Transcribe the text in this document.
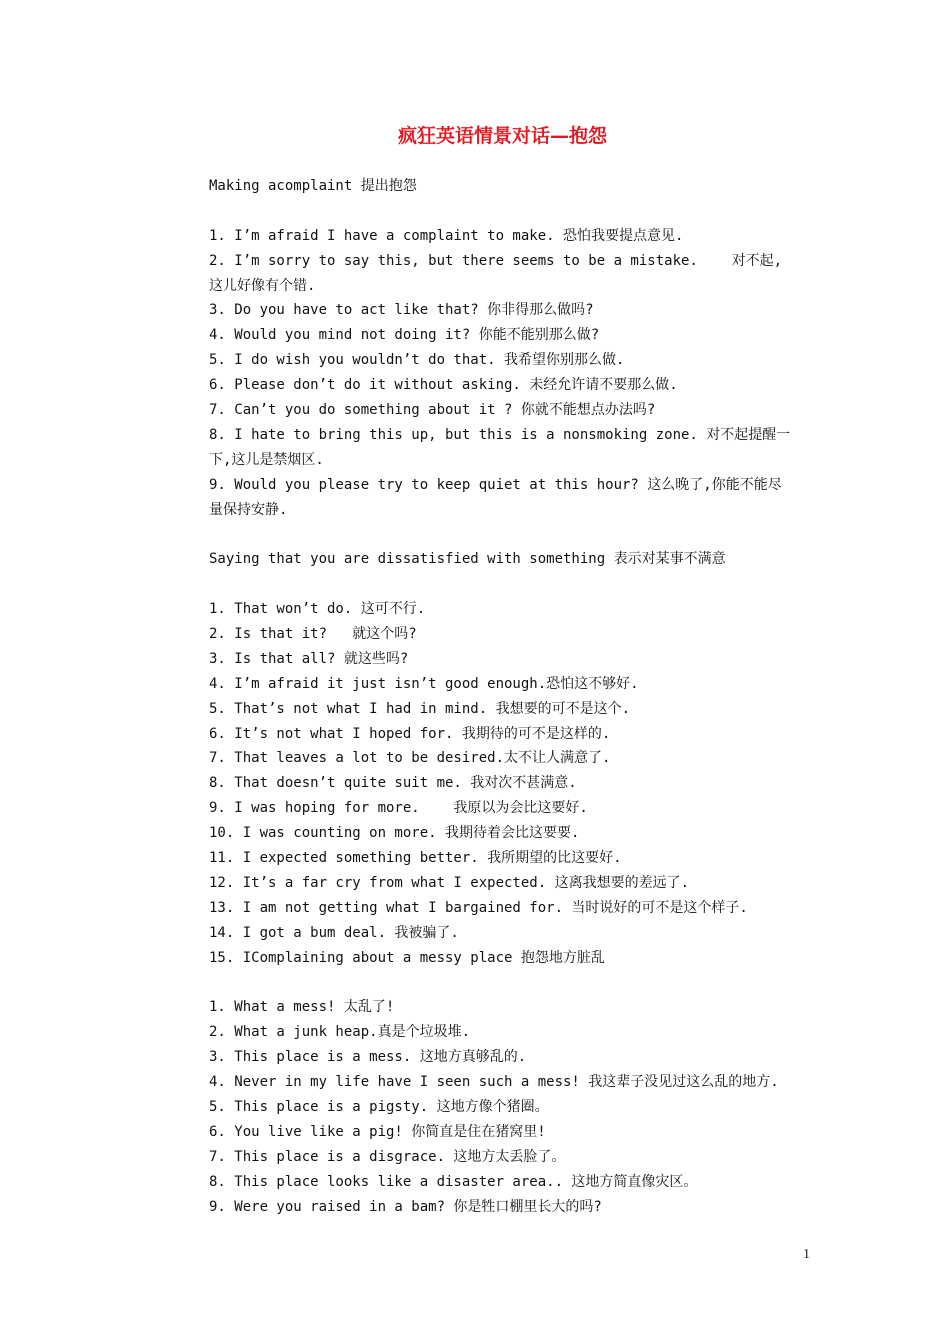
疯狂英语情景对话—抱怨
Making acomplaint 提出抱怨
1. I’m afraid I have a complaint to make. 恐怕我要提点意见.
2. I’m sorry to say this, but there seems to be a mistake.    对不起,
这儿好像有个错.
3. Do you have to act like that? 你非得那么做吗?
4. Would you mind not doing it? 你能不能别那么做?
5. I do wish you wouldn’t do that. 我希望你别那么做.
6. Please don’t do it without asking. 未经允许请不要那么做.
7. Can’t you do something about it ? 你就不能想点办法吗?
8. I hate to bring this up, but this is a nonsmoking zone. 对不起提醒一
下,这儿是禁烟区.
9. Would you please try to keep quiet at this hour? 这么晚了,你能不能尽
量保持安静.
Saying that you are dissatisfied with something 表示对某事不满意
1. That won’t do. 这可不行.
2. Is that it?   就这个吗?
3. Is that all? 就这些吗?
4. I’m afraid it just isn’t good enough.恐怕这不够好.
5. That’s not what I had in mind. 我想要的可不是这个.
6. It’s not what I hoped for. 我期待的可不是这样的.
7. That leaves a lot to be desired.太不让人满意了.
8. That doesn’t quite suit me. 我对次不甚满意.
9. I was hoping for more.    我原以为会比这要好.
10. I was counting on more. 我期待着会比这要要.
11. I expected something better. 我所期望的比这要好.
12. It’s a far cry from what I expected. 这离我想要的差远了.
13. I am not getting what I bargained for. 当时说好的可不是这个样子.
14. I got a bum deal. 我被骗了.
15. IComplaining about a messy place 抱怨地方脏乱
1. What a mess! 太乱了!
2. What a junk heap.真是个垃圾堆.
3. This place is a mess. 这地方真够乱的.
4. Never in my life have I seen such a mess! 我这辈子没见过这么乱的地方.
5. This place is a pigsty. 这地方像个猪圈。
6. You live like a pig! 你简直是住在猪窝里!
7. This place is a disgrace. 这地方太丢脸了。
8. This place looks like a disaster area.. 这地方简直像灾区。
9. Were you raised in a bam? 你是牲口棚里长大的吗?
1
